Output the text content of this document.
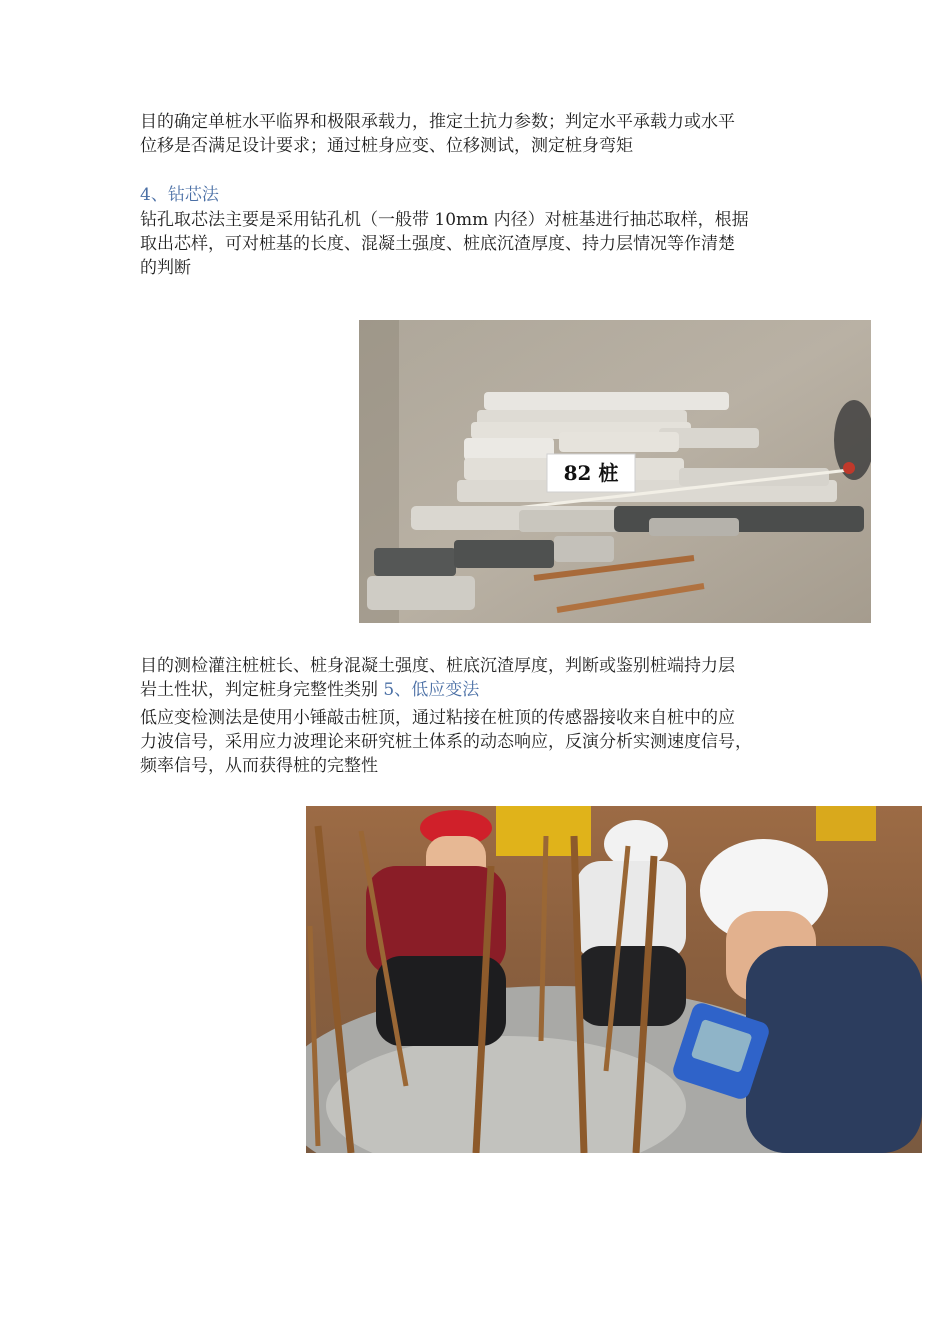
目的确定单桩水平临界和极限承载力，推定土抗力参数；判定水平承载力或水平
位移是否满足设计要求；通过桩身应变、位移测试，测定桩身弯矩

4、钻芯法

钻孔取芯法主要是采用钻孔机（一般带 10mm 内径）对桩基进行抽芯取样，根据
取出芯样，可对桩基的长度、混凝土强度、桩底沉渣厚度、持力层情况等作清楚
的判断

82 桩

目的测检灌注桩桩长、桩身混凝土强度、桩底沉渣厚度，判断或鉴别桩端持力层
岩土性状，判定桩身完整性类别 5、低应变法

低应变检测法是使用小锤敲击桩顶，通过粘接在桩顶的传感器接收来自桩中的应
力波信号，采用应力波理论来研究桩土体系的动态响应，反演分析实测速度信号，
频率信号，从而获得桩的完整性
